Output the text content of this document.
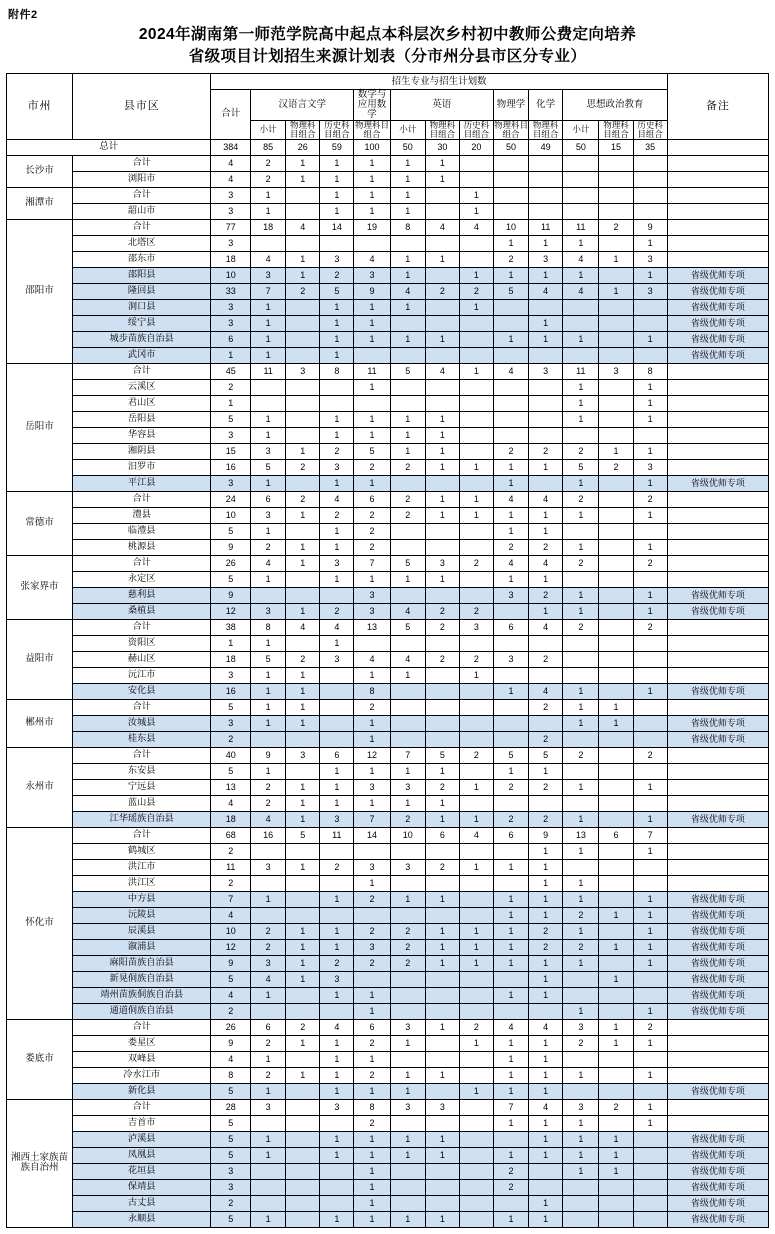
附件2
2024年湖南第一师范学院高中起点本科层次乡村初中教师公费定向培养
省级项目计划招生来源计划表（分市州分县市区分专业）
市州	县市区	招生专业与招生计划数													备注
		合计	汉语言文学			数学与应用数学	英语			物理学	化学	思想政治教育			
			小计	物理科目组合	历史科目组合	物理科目组合	小计	物理科目组合	历史科目组合	物理科目组合	物理科目组合	小计	物理科目组合	历史科目组合	
总计		384	85	26	59	100	50	30	20	50	49	50	15	35	
长沙市	合计	4	2	1	1	1	1	1							
	浏阳市	4	2	1	1	1	1	1							
湘潭市	合计	3	1		1	1	1		1						
	韶山市	3	1		1	1	1		1						
邵阳市	合计	77	18	4	14	19	8	4	4	10	11	11	2	9	
	北塔区	3								1	1	1		1	
	邵东市	18	4	1	3	4	1	1		2	3	4	1	3	
	邵阳县	10	3	1	2	3	1		1	1	1	1		1	省级优师专项
	隆回县	33	7	2	5	9	4	2	2	5	4	4	1	3	省级优师专项
	洞口县	3	1		1	1	1		1						省级优师专项
	绥宁县	3	1		1	1					1				省级优师专项
	城步苗族自治县	6	1		1	1	1	1		1	1	1		1	省级优师专项
	武冈市	1	1		1										省级优师专项
岳阳市	合计	45	11	3	8	11	5	4	1	4	3	11	3	8	
	云溪区	2				1						1		1	
	君山区	1										1		1	
	岳阳县	5	1		1	1	1	1				1		1	
	华容县	3	1		1	1	1	1							
	湘阴县	15	3	1	2	5	1	1		2	2	2	1	1	
	汨罗市	16	5	2	3	2	2	1	1	1	1	5	2	3	
	平江县	3	1		1	1				1		1		1	省级优师专项
常德市	合计	24	6	2	4	6	2	1	1	4	4	2		2	
	澧县	10	3	1	2	2	2	1	1	1	1	1		1	
	临澧县	5	1		1	2				1	1				
	桃源县	9	2	1	1	2				2	2	1		1	
张家界市	合计	26	4	1	3	7	5	3	2	4	4	2		2	
	永定区	5	1		1	1	1	1		1	1				
	慈利县	9				3				3	2	1		1	省级优师专项
	桑植县	12	3	1	2	3	4	2	2		1	1		1	省级优师专项
益阳市	合计	38	8	4	4	13	5	2	3	6	4	2		2	
	资阳区	1	1		1										
	赫山区	18	5	2	3	4	4	2	2	3	2				
	沅江市	3	1	1		1	1		1						
	安化县	16	1	1		8				1	4	1		1	省级优师专项
郴州市	合计	5	1	1		2					2	1	1		
	汝城县	3	1	1		1						1	1		省级优师专项
	桂东县	2				1					2				省级优师专项
永州市	合计	40	9	3	6	12	7	5	2	5	5	2		2	
	东安县	5	1		1	1	1	1		1	1				
	宁远县	13	2	1	1	3	3	2	1	2	2	1		1	
	蓝山县	4	2	1	1	1	1	1							
	江华瑶族自治县	18	4	1	3	7	2	1	1	2	2	1		1	省级优师专项
怀化市	合计	68	16	5	11	14	10	6	4	6	9	13	6	7	
	鹤城区	2									1	1		1	
	洪江市	11	3	1	2	3	3	2	1	1	1				
	洪江区	2				1					1	1			
	中方县	7	1		1	2	1	1		1	1	1		1	省级优师专项
	沅陵县	4								1	1	2	1	1	省级优师专项
	辰溪县	10	2	1	1	2	2	1	1	1	2	1		1	省级优师专项
	溆浦县	12	2	1	1	3	2	1	1	1	2	2	1	1	省级优师专项
	麻阳苗族自治县	9	3	1	2	2	2	1	1	1	1	1		1	省级优师专项
	新晃侗族自治县	5	4	1	3						1		1		省级优师专项
	靖州苗族侗族自治县	4	1		1	1				1	1				省级优师专项
	通道侗族自治县	2				1						1		1	省级优师专项
娄底市	合计	26	6	2	4	6	3	1	2	4	4	3	1	2	
	娄星区	9	2	1	1	2	1		1	1	1	2	1	1	
	双峰县	4	1		1	1				1	1				
	冷水江市	8	2	1	1	2	1	1		1	1	1		1	
	新化县	5	1		1	1	1		1	1	1				省级优师专项
湘西土家族苗族自治州	合计	28	3		3	8	3	3		7	4	3	2	1	
	吉首市	5				2				1	1	1		1	
	泸溪县	5	1		1	1	1	1			1	1	1		省级优师专项
	凤凰县	5	1		1	1	1	1		1	1	1	1		省级优师专项
	花垣县	3				1				2		1	1		省级优师专项
	保靖县	3				1				2					省级优师专项
	古丈县	2				1					1				省级优师专项
	永顺县	5	1		1	1	1	1		1	1				省级优师专项
